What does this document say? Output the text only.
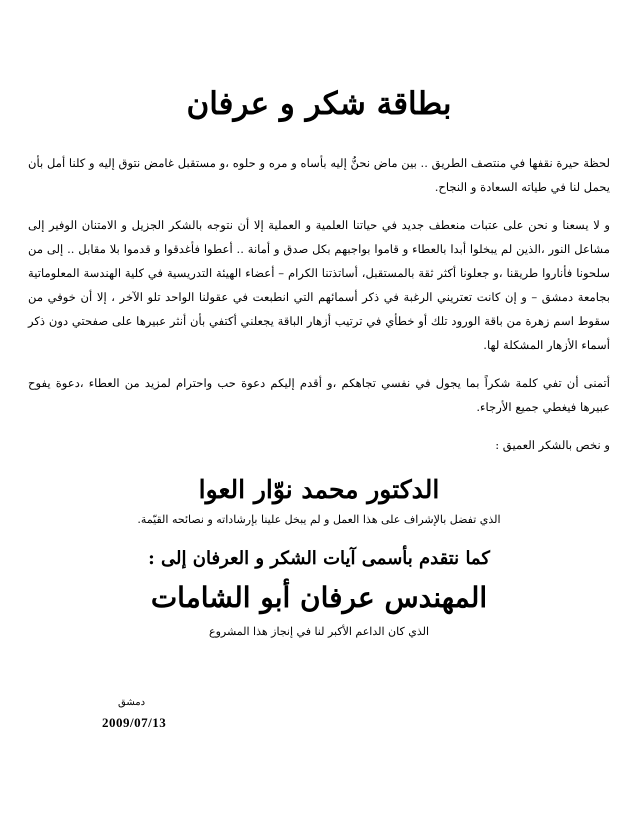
بطاقة شكر و عرفان

لحظة حيرة نقفها في منتصف الطريق .. بين ماض نحنُّ إليه بأساه و مره و حلوه ،و مستقبل غامض نتوق إليه و كلنا أمل بأن يحمل لنا في طياته السعادة و النجاح.

و لا يسعنا و نحن على عتبات منعطف جديد في حياتنا العلمية و العملية إلا أن نتوجه بالشكر الجزيل و الامتنان الوفير إلى مشاعل النور ،الذين لم يبخلوا أبدا بالعطاء و قاموا بواجبهم بكل صدق و أمانة .. أعطوا فأغدقوا و قدموا بلا مقابل .. إلى من سلحونا فأناروا طريقنا ،و جعلونا أكثر ثقة بالمستقبل، أساتذتنا الكرام – أعضاء الهيئة التدريسية في كلية الهندسة المعلوماتية بجامعة دمشق – و إن كانت تعتريني الرغبة في ذكر أسمائهم التي انطبعت في عقولنا الواحد تلو الآخر ، إلا أن خوفي من سقوط اسم زهرة من باقة الورود تلك أو خطأي في ترتيب أزهار الباقة يجعلني أكتفي بأن أنثر عبيرها على صفحتي دون ذكر أسماء الأزهار المشكلة لها.

أتمنى أن تفي كلمة شكراً بما يجول في نفسي تجاهكم ،و أقدم إليكم دعوة حب واحترام لمزيد من العطاء ،دعوة يفوح عبيرها فيغطي جميع الأرجاء.

و نخص بالشكر العميق :

الدكتور محمد نوّار العوا
الذي تفضل بالإشراف على هذا العمل و لم يبخل علينا بإرشاداته و نصائحه القيّمة.
كما نتقدم بأسمى آيات الشكر و العرفان إلى :
المهندس عرفان أبو الشامات
الذي كان الداعم الأكبر لنا في إنجاز هذا المشروع
دمشق
2009/07/13
